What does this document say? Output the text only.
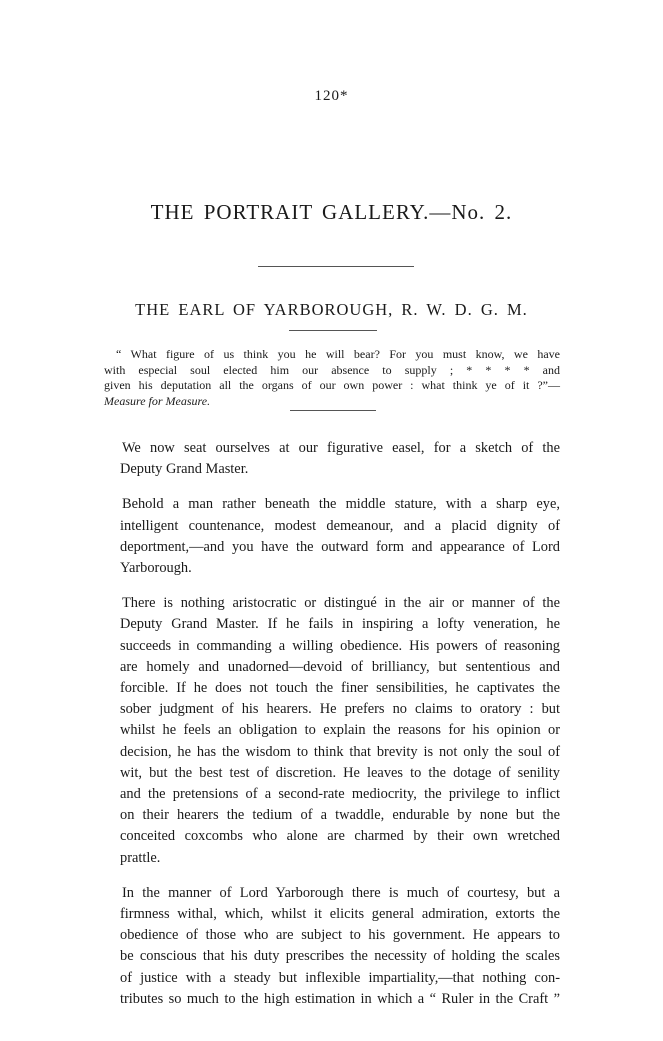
120*
THE PORTRAIT GALLERY.—No. 2.
THE EARL OF YARBOROUGH, R. W. D. G. M.
“ What figure of us think you he will bear? For you must know, we have
with especial soul elected him our absence to supply ; * * * * and
given his deputation all the organs of our own power : what think ye of it ?”—
Measure for Measure.

We now seat ourselves at our figurative easel, for a sketch of the
Deputy Grand Master.

Behold a man rather beneath the middle stature, with a sharp eye,
intelligent countenance, modest demeanour, and a placid dignity of
deportment,—and you have the outward form and appearance of Lord
Yarborough.

There is nothing aristocratic or distingué in the air or manner of the
Deputy Grand Master. If he fails in inspiring a lofty veneration, he
succeeds in commanding a willing obedience. His powers of reasoning
are homely and unadorned—devoid of brilliancy, but sententious and
forcible. If he does not touch the finer sensibilities, he captivates the
sober judgment of his hearers. He prefers no claims to oratory : but
whilst he feels an obligation to explain the reasons for his opinion or
decision, he has the wisdom to think that brevity is not only the soul of
wit, but the best test of discretion. He leaves to the dotage of senility
and the pretensions of a second-rate mediocrity, the privilege to inflict
on their hearers the tedium of a twaddle, endurable by none but the
conceited coxcombs who alone are charmed by their own wretched
prattle.

In the manner of Lord Yarborough there is much of courtesy, but a
firmness withal, which, whilst it elicits general admiration, extorts the
obedience of those who are subject to his government. He appears to
be conscious that his duty prescribes the necessity of holding the scales
of justice with a steady but inflexible impartiality,—that nothing con-
tributes so much to the high estimation in which a “ Ruler in the Craft ”
